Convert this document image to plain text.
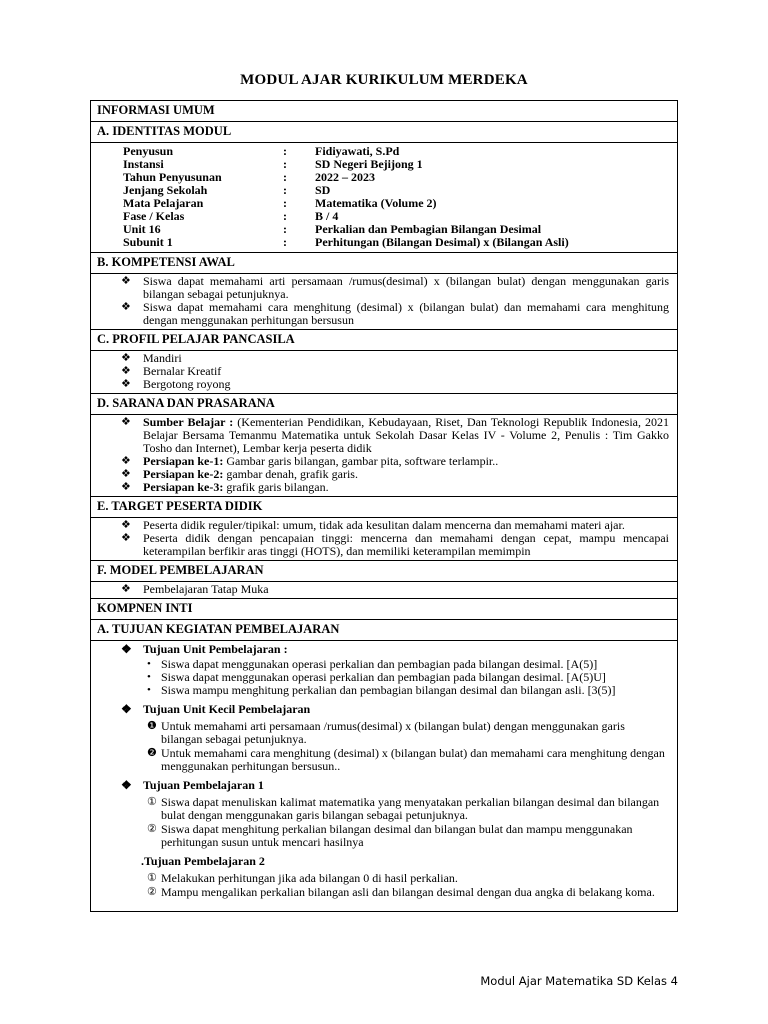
MODUL AJAR KURIKULUM MERDEKA
INFORMASI UMUM
A. IDENTITAS MODUL
Penyusun	:	Fidiyawati, S.Pd
Instansi	:	SD Negeri Bejijong 1
Tahun Penyusunan	:	2022 – 2023
Jenjang Sekolah	:	SD
Mata Pelajaran	:	Matematika (Volume 2)
Fase / Kelas	:	B / 4
Unit 16	:	Perkalian dan Pembagian Bilangan Desimal
Subunit 1	:	Perhitungan (Bilangan Desimal) x (Bilangan Asli)
B. KOMPETENSI AWAL
❖ Siswa dapat memahami arti persamaan /rumus(desimal) x (bilangan bulat) dengan menggunakan garis bilangan sebagai petunjuknya.
❖ Siswa dapat memahami cara menghitung (desimal) x (bilangan bulat) dan memahami cara menghitung dengan menggunakan perhitungan bersusun
C. PROFIL PELAJAR PANCASILA
❖ Mandiri
❖ Bernalar Kreatif
❖ Bergotong royong
D. SARANA DAN PRASARANA
❖ Sumber Belajar : (Kementerian Pendidikan, Kebudayaan, Riset, Dan Teknologi Republik Indonesia, 2021 Belajar Bersama Temanmu Matematika untuk Sekolah Dasar Kelas IV - Volume 2, Penulis : Tim Gakko Tosho dan Internet), Lembar kerja peserta didik
❖ Persiapan ke-1: Gambar garis bilangan, gambar pita, software terlampir..
❖ Persiapan ke-2: gambar denah, grafik garis.
❖ Persiapan ke-3: grafik garis bilangan.
E. TARGET PESERTA DIDIK
❖ Peserta didik reguler/tipikal: umum, tidak ada kesulitan dalam mencerna dan memahami materi ajar.
❖ Peserta didik dengan pencapaian tinggi: mencerna dan memahami dengan cepat, mampu mencapai keterampilan berfikir aras tinggi (HOTS), dan memiliki keterampilan memimpin
F. MODEL PEMBELAJARAN
❖ Pembelajaran Tatap Muka
KOMPNEN INTI
A. TUJUAN KEGIATAN PEMBELAJARAN
❖ Tujuan Unit Pembelajaran :
• Siswa dapat menggunakan operasi perkalian dan pembagian pada bilangan desimal. [A(5)]
• Siswa dapat menggunakan operasi perkalian dan pembagian pada bilangan desimal. [A(5)U]
• Siswa mampu menghitung perkalian dan pembagian bilangan desimal dan bilangan asli. [3(5)]
❖ Tujuan Unit Kecil Pembelajaran
❶ Untuk memahami arti persamaan /rumus(desimal) x (bilangan bulat) dengan menggunakan garis bilangan sebagai petunjuknya.
❷ Untuk memahami cara menghitung (desimal) x (bilangan bulat) dan memahami cara menghitung dengan menggunakan perhitungan bersusun..
❖ Tujuan Pembelajaran 1
① Siswa dapat menuliskan kalimat matematika yang menyatakan perkalian bilangan desimal dan bilangan bulat dengan menggunakan garis bilangan sebagai petunjuknya.
② Siswa dapat menghitung perkalian bilangan desimal dan bilangan bulat dan mampu menggunakan perhitungan susun untuk mencari hasilnya
.Tujuan Pembelajaran 2
① Melakukan perhitungan jika ada bilangan 0 di hasil perkalian.
② Mampu mengalikan perkalian bilangan asli dan bilangan desimal dengan dua angka di belakang koma.
Modul Ajar Matematika SD Kelas 4
